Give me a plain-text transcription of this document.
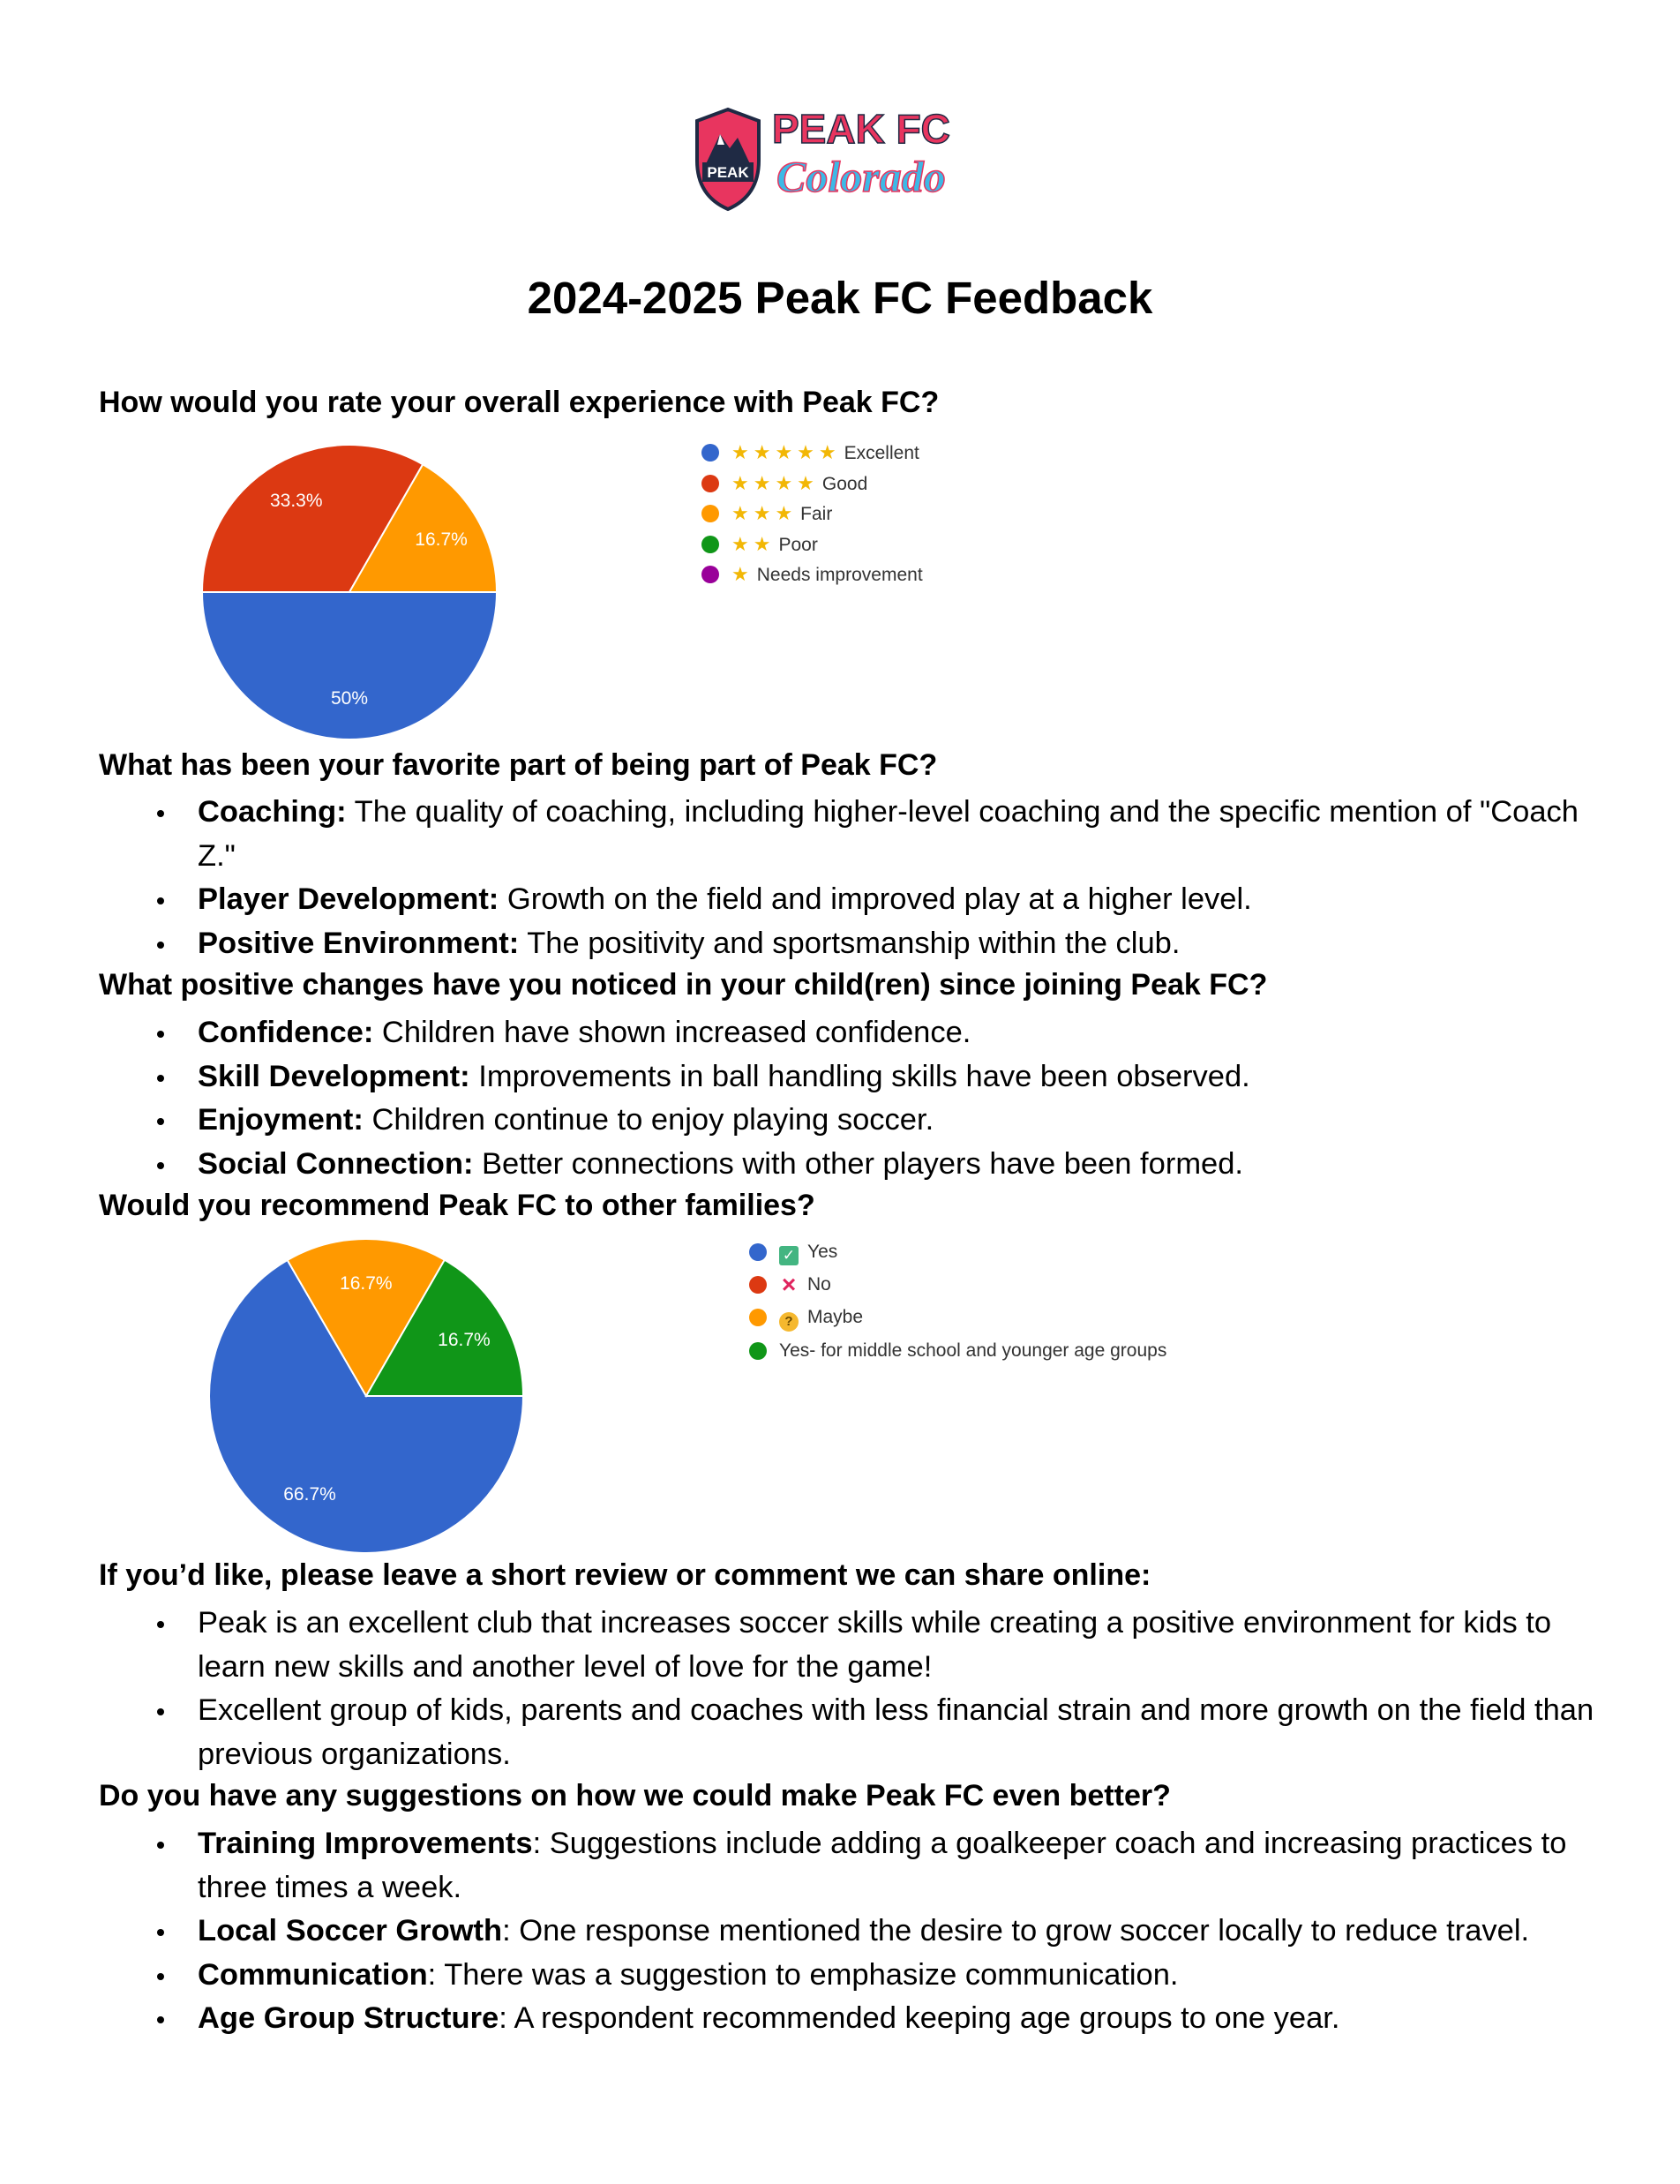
PEAK
PEAK FC
Colorado
2024-2025 Peak FC Feedback
How would you rate your overall experience with Peak FC?
50%
33.3%
16.7%
★★★★★ Excellent
★★★★ Good
★★★ Fair
★★ Poor
★ Needs improvement
What has been your favorite part of being part of Peak FC?
Coaching: The quality of coaching, including higher-level coaching and the specific mention of "Coach Z."
Player Development: Growth on the field and improved play at a higher level.
Positive Environment: The positivity and sportsmanship within the club.
What positive changes have you noticed in your child(ren) since joining Peak FC?
Confidence: Children have shown increased confidence.
Skill Development: Improvements in ball handling skills have been observed.
Enjoyment: Children continue to enjoy playing soccer.
Social Connection: Better connections with other players have been formed.
Would you recommend Peak FC to other families?
66.7%
16.7%
16.7%
✓ Yes
× No
? Maybe
Yes- for middle school and younger age groups
If you’d like, please leave a short review or comment we can share online:
Peak is an excellent club that increases soccer skills while creating a positive environment for kids to learn new skills and another level of love for the game!
Excellent group of kids, parents and coaches with less financial strain and more growth on the field than previous organizations.
Do you have any suggestions on how we could make Peak FC even better?
Training Improvements: Suggestions include adding a goalkeeper coach and increasing practices to three times a week.
Local Soccer Growth: One response mentioned the desire to grow soccer locally to reduce travel.
Communication: There was a suggestion to emphasize communication.
Age Group Structure: A respondent recommended keeping age groups to one year.
